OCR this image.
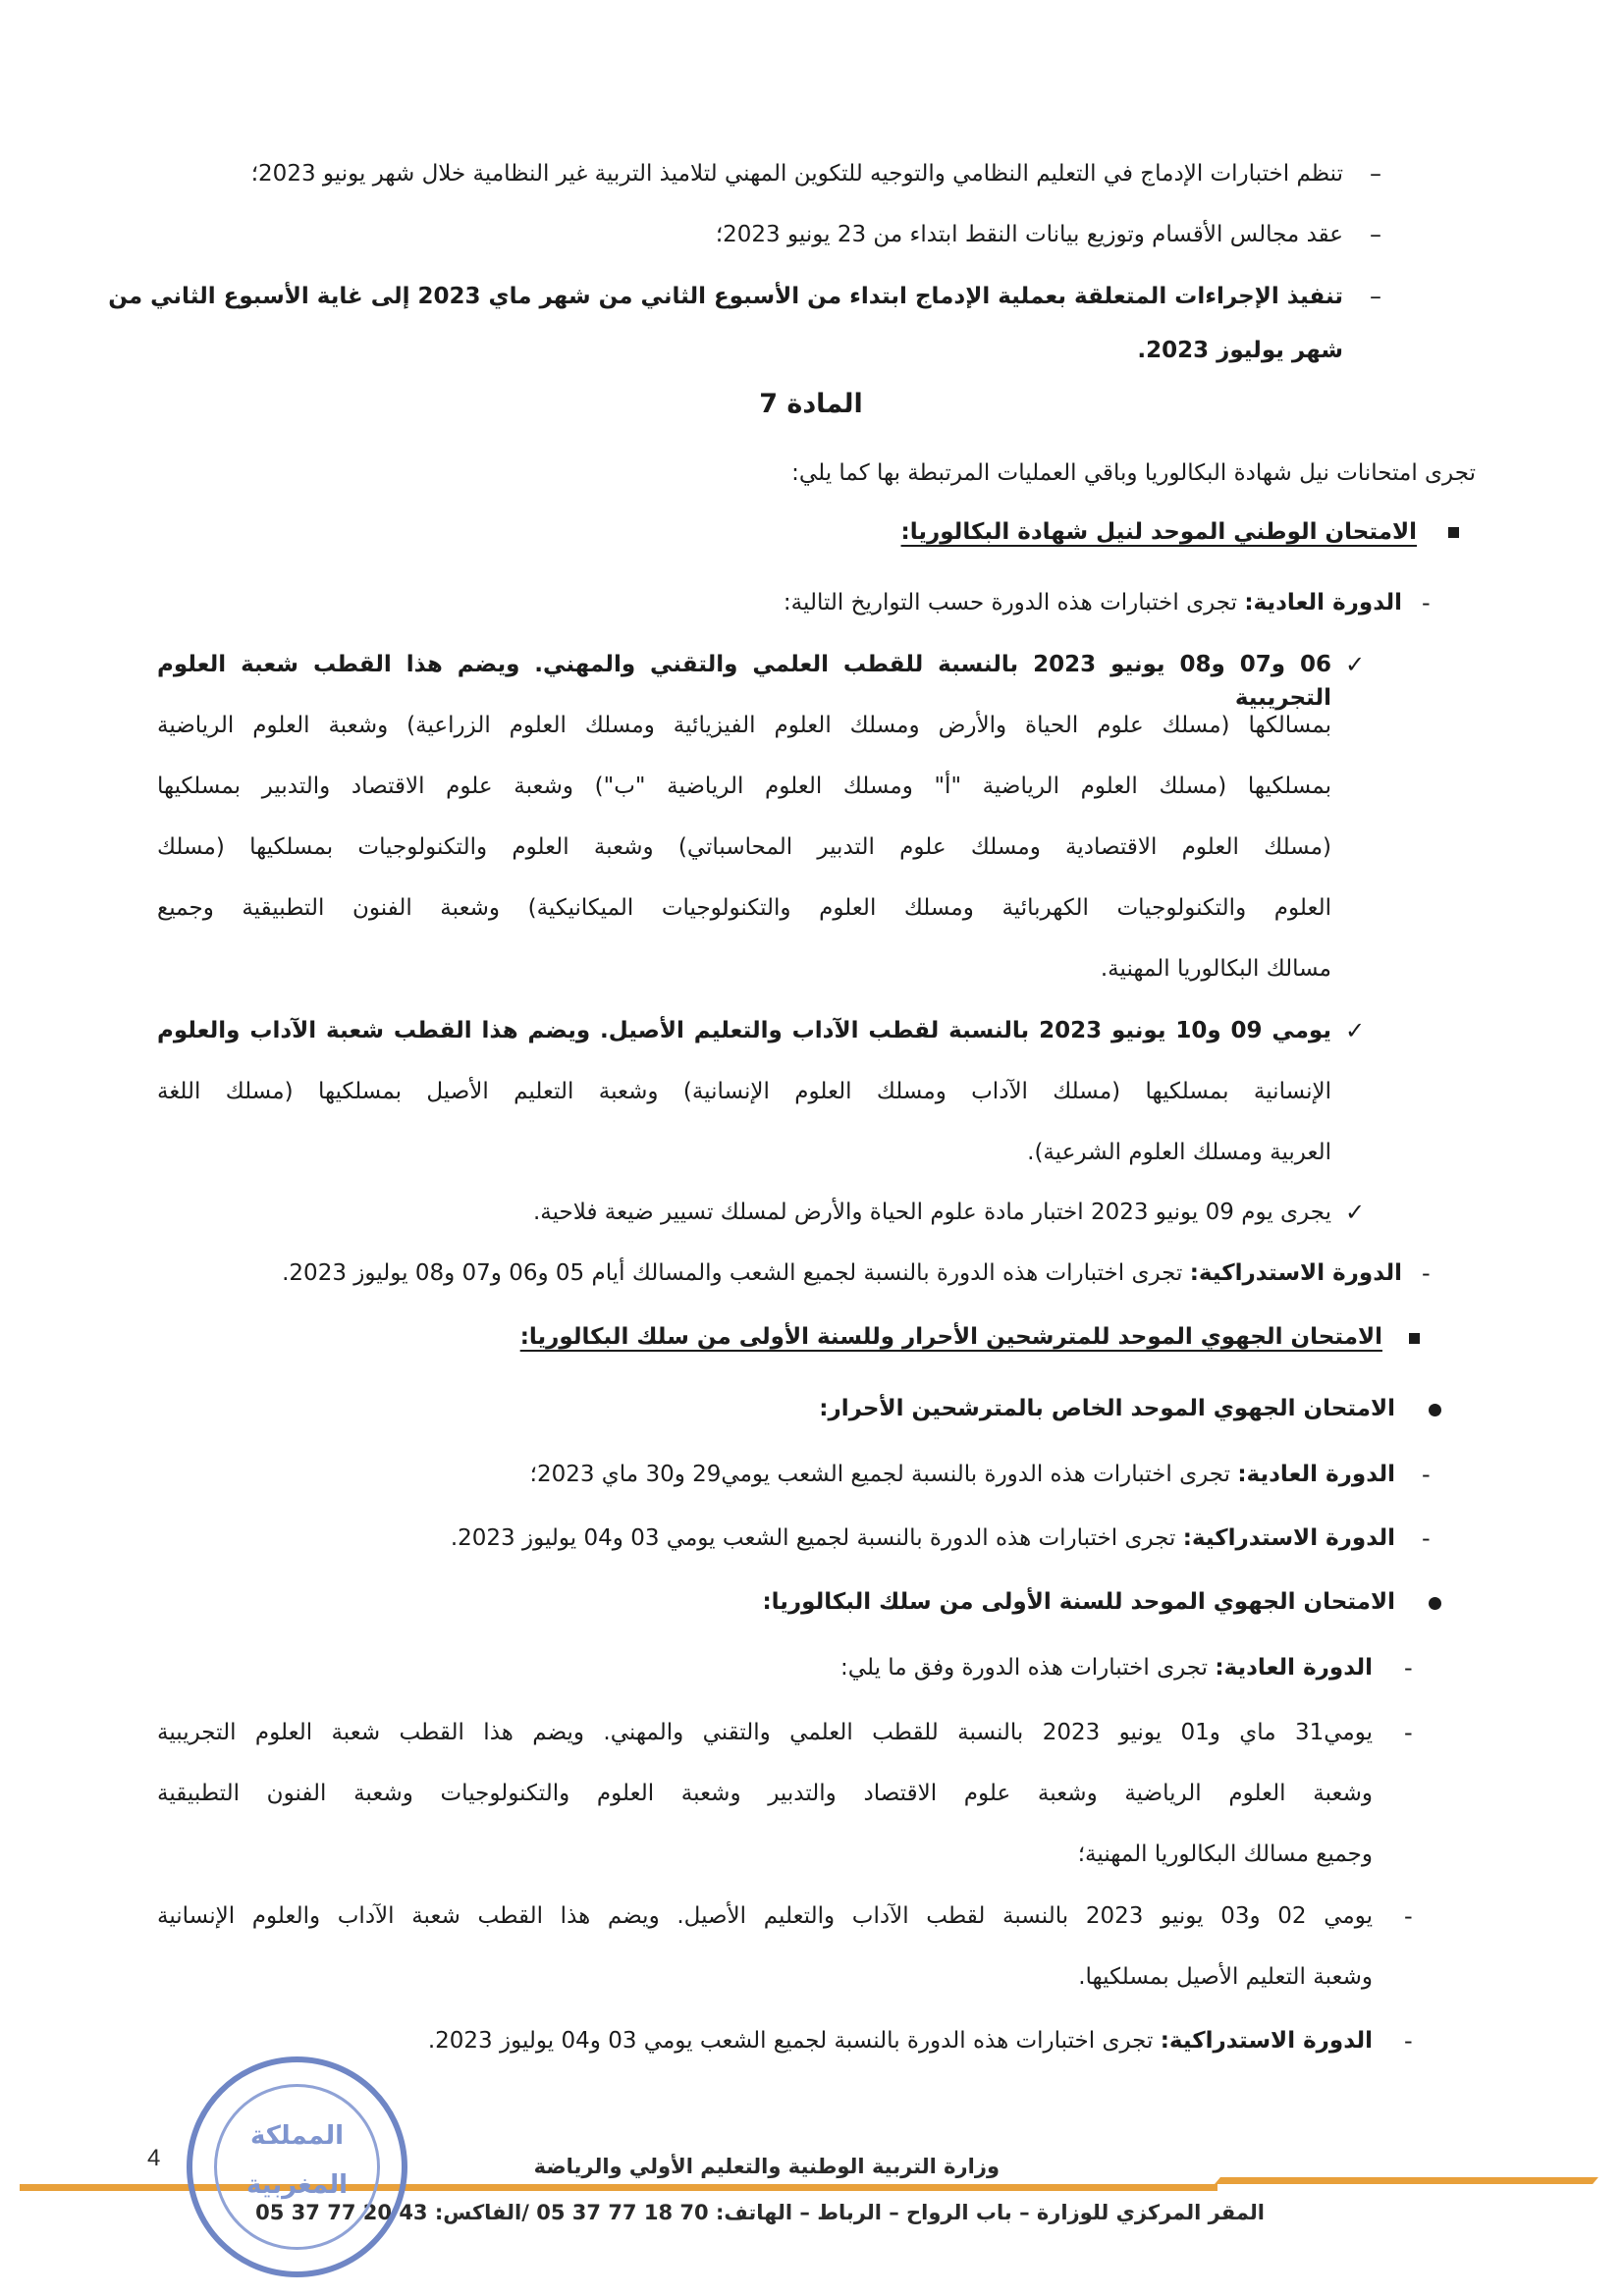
–
تنظم اختبارات الإدماج في التعليم النظامي والتوجيه للتكوين المهني لتلاميذ التربية غير النظامية خلال شهر يونيو 2023؛
–
عقد مجالس الأقسام وتوزيع بيانات النقط ابتداء من 23 يونيو 2023؛
–
تنفيذ الإجراءات المتعلقة بعملية الإدماج ابتداء من الأسبوع الثاني من شهر ماي 2023 إلى غاية الأسبوع الثاني من
شهر يوليوز 2023.
المادة 7
تجرى امتحانات نيل شهادة البكالوريا وباقي العمليات المرتبطة بها كما يلي:
الامتحان الوطني الموحد لنيل شهادة البكالوريا:
-
الدورة العادية: تجرى اختبارات هذه الدورة حسب التواريخ التالية:
✓
06 و07 و08 يونيو 2023 بالنسبة للقطب العلمي والتقني والمهني. ويضم هذا القطب شعبة العلوم التجريبية
بمسالكها (مسلك علوم الحياة والأرض ومسلك العلوم الفيزيائية ومسلك العلوم الزراعية) وشعبة العلوم الرياضية
بمسلكيها (مسلك العلوم الرياضية "أ" ومسلك العلوم الرياضية "ب") وشعبة علوم الاقتصاد والتدبير بمسلكيها
(مسلك العلوم الاقتصادية ومسلك علوم التدبير المحاسباتي) وشعبة العلوم والتكنولوجيات بمسلكيها (مسلك
العلوم والتكنولوجيات الكهربائية ومسلك العلوم والتكنولوجيات الميكانيكية) وشعبة الفنون التطبيقية وجميع
مسالك البكالوريا المهنية.
✓
يومي 09 و10 يونيو 2023 بالنسبة لقطب الآداب والتعليم الأصيل. ويضم هذا القطب شعبة الآداب والعلوم
الإنسانية بمسلكيها (مسلك الآداب ومسلك العلوم الإنسانية) وشعبة التعليم الأصيل بمسلكيها (مسلك اللغة
العربية ومسلك العلوم الشرعية).
✓
يجرى يوم 09 يونيو 2023 اختبار مادة علوم الحياة والأرض لمسلك تسيير ضيعة فلاحية.
-
الدورة الاستدراكية: تجرى اختبارات هذه الدورة بالنسبة لجميع الشعب والمسالك أيام 05 و06 و07 و08 يوليوز 2023.
الامتحان الجهوي الموحد للمترشحين الأحرار وللسنة الأولى من سلك البكالوريا:
الامتحان الجهوي الموحد الخاص بالمترشحين الأحرار:
-
الدورة العادية: تجرى اختبارات هذه الدورة بالنسبة لجميع الشعب يومي29 و30 ماي 2023؛
-
الدورة الاستدراكية: تجرى اختبارات هذه الدورة بالنسبة لجميع الشعب يومي 03 و04 يوليوز 2023.
الامتحان الجهوي الموحد للسنة الأولى من سلك البكالوريا:
-
الدورة العادية: تجرى اختبارات هذه الدورة وفق ما يلي:
-
يومي31 ماي و01 يونيو 2023 بالنسبة للقطب العلمي والتقني والمهني. ويضم هذا القطب شعبة العلوم التجريبية
وشعبة العلوم الرياضية وشعبة علوم الاقتصاد والتدبير وشعبة العلوم والتكنولوجيات وشعبة الفنون التطبيقية
وجميع مسالك البكالوريا المهنية؛
-
يومي 02 و03 يونيو 2023 بالنسبة لقطب الآداب والتعليم الأصيل. ويضم هذا القطب شعبة الآداب والعلوم الإنسانية
وشعبة التعليم الأصيل بمسلكيها.
-
الدورة الاستدراكية: تجرى اختبارات هذه الدورة بالنسبة لجميع الشعب يومي 03 و04 يوليوز 2023.
4	وزارة التربية الوطنية والتعليم الأولي والرياضة
المقر المركزي للوزارة – باب الرواح – الرباط – الهاتف: 70 18 77 37 05 /الفاكس: 43 20 77 37 05
المملكة
المغربية
